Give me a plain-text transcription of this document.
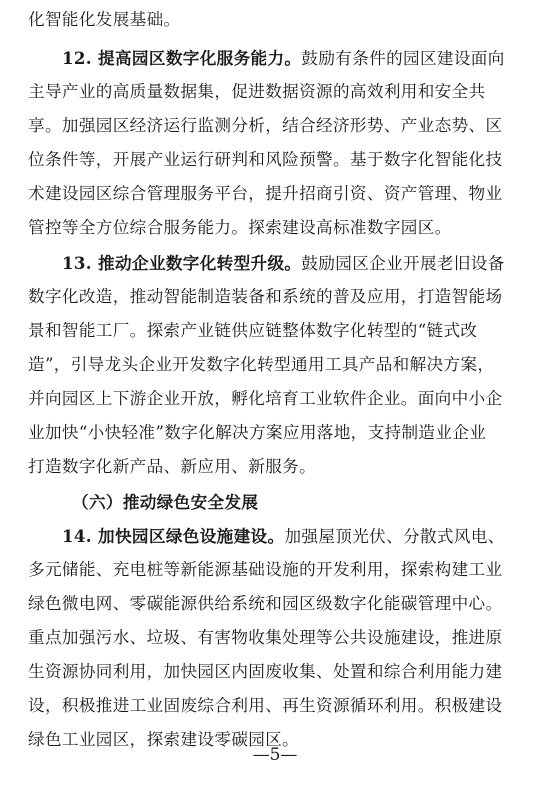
化智能化发展基础。
12. 提高园区数字化服务能力。鼓励有条件的园区建设面向
主导产业的高质量数据集，促进数据资源的高效利用和安全共
享。加强园区经济运行监测分析，结合经济形势、产业态势、区
位条件等，开展产业运行研判和风险预警。基于数字化智能化技
术建设园区综合管理服务平台，提升招商引资、资产管理、物业
管控等全方位综合服务能力。探索建设高标准数字园区。
13. 推动企业数字化转型升级。鼓励园区企业开展老旧设备
数字化改造，推动智能制造装备和系统的普及应用，打造智能场
景和智能工厂。探索产业链供应链整体数字化转型的“链式改
造”，引导龙头企业开发数字化转型通用工具产品和解决方案，
并向园区上下游企业开放，孵化培育工业软件企业。面向中小企
业加快“小快轻准”数字化解决方案应用落地，支持制造业企业
打造数字化新产品、新应用、新服务。
（六）推动绿色安全发展
14. 加快园区绿色设施建设。加强屋顶光伏、分散式风电、
多元储能、充电桩等新能源基础设施的开发利用，探索构建工业
绿色微电网、零碳能源供给系统和园区级数字化能碳管理中心。
重点加强污水、垃圾、有害物收集处理等公共设施建设，推进原
生资源协同利用，加快园区内固废收集、处置和综合利用能力建
设，积极推进工业固废综合利用、再生资源循环利用。积极建设
绿色工业园区，探索建设零碳园区。
—5—
